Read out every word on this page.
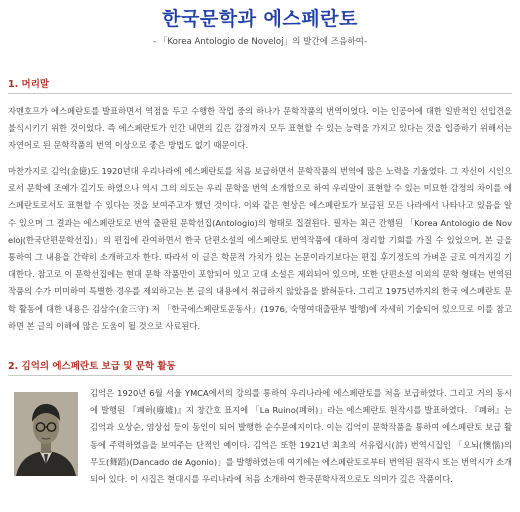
한국문학과 에스페란토
- 「Korea Antologio de Noveloj」의 발간에 즈음하여-
1. 머리말
자멘호프가 에스페란토를 발표하면서 역점을 두고 수행한 작업 중의 하나가 문학작품의 번역이었다. 이는 인공어에 대한 일반적인 선입견을 불식시키기 위한 것이었다. 즉 에스페란토가 인간 내면의 깊은 감정까지 모두 표현할 수 있는 능력을 가지고 있다는 것을 입증하기 위해서는 자연어로 된 문학작품의 번역 이상으로 좋은 방법도 없기 때문이다.
마찬가지로 김억(金億)도 1920년대 우리나라에 에스페란토를 처음 보급하면서 문학작품의 번역에 많은 노력을 기울였다. 그 자신이 시인으로서 문학에 조예가 깊기도 하였으나 역시 그의 의도는 우리 문학을 번역 소개함으로 하여 우리말이 표현할 수 있는 미묘한 감정의 차이를 에스페란토로서도 표현할 수 있다는 것을 보여주고자 했던 것이다. 이와 같은 현상은 에스페란토가 보급된 모든 나라에서 나타나고 있음을 알 수 있으며 그 결과는 에스페란토로 번역 출판된 문학선집(Antologio)의 형태로 집결된다. 필자는 최근 간행된 「Korea Antologio de Noveloj(한국단편문학선집)」의 편집에 관여하면서 한국 단편소설의 에스페란토 번역작품에 대하여 정리할 기회를 가질 수 있었으며, 본 글을 통하여 그 내용을 간략히 소개하고자 한다. 따라서 이 글은 학문적 가치가 있는 논문이라기보다는 편집 후기정도의 가벼운 글로 여겨지길 기대한다. 참고로 이 문학선집에는 현대 문학 작품만이 포함되어 있고 고대 소설은 제외되어 있으며, 또한 단편소설 이외의 문학 형태는 번역된 작품의 수가 미미하여 특별한 경우를 제외하고는 본 글의 내용에서 취급하지 않았음을 밝혀둔다. 그리고 1975년까지의 한국 에스페란토 문학 활동에 대한 내용은 김삼수(金三守) 저 「한국에스페란토운동사」(1976, 숙명여대출판부 발행)에 자세히 기술되어 있으므로 이를 참고하면 본 글의 이해에 많은 도움이 될 것으로 사료된다.
2. 김억의 에스페란토 보급 및 문학 활동
김억은 1920년 6월 서울 YMCA에서의 강의를 통하여 우리나라에 에스페란토를 처음 보급하였다. 그리고 거의 동시에 발행된 『폐허(廢墟)』지 창간호 표지에 「La Ruino(폐허)」라는 에스페란토 원작시를 발표하였다. 『폐허』는 김억과 오상순, 염상섭 등이 동인이 되어 발행한 순수문예지이다. 이는 김억이 문학작품을 통하여 에스페란토 보급 활동에 주력하였음을 보여주는 단적인 예이다. 김억은 또한 1921년 최초의 서유럽시(詩) 번역시집인 「오뇌(懊惱)의 무도(舞蹈)(Dancado de Agonio)」를 발행하였는데 여기에는 에스페란토로부터 번역된 원작시 또는 번역시가 소개되어 있다. 이 시집은 현대시를 우리나라에 처음 소개하여 한국문학사적으로도 의미가 깊은 작품이다.
